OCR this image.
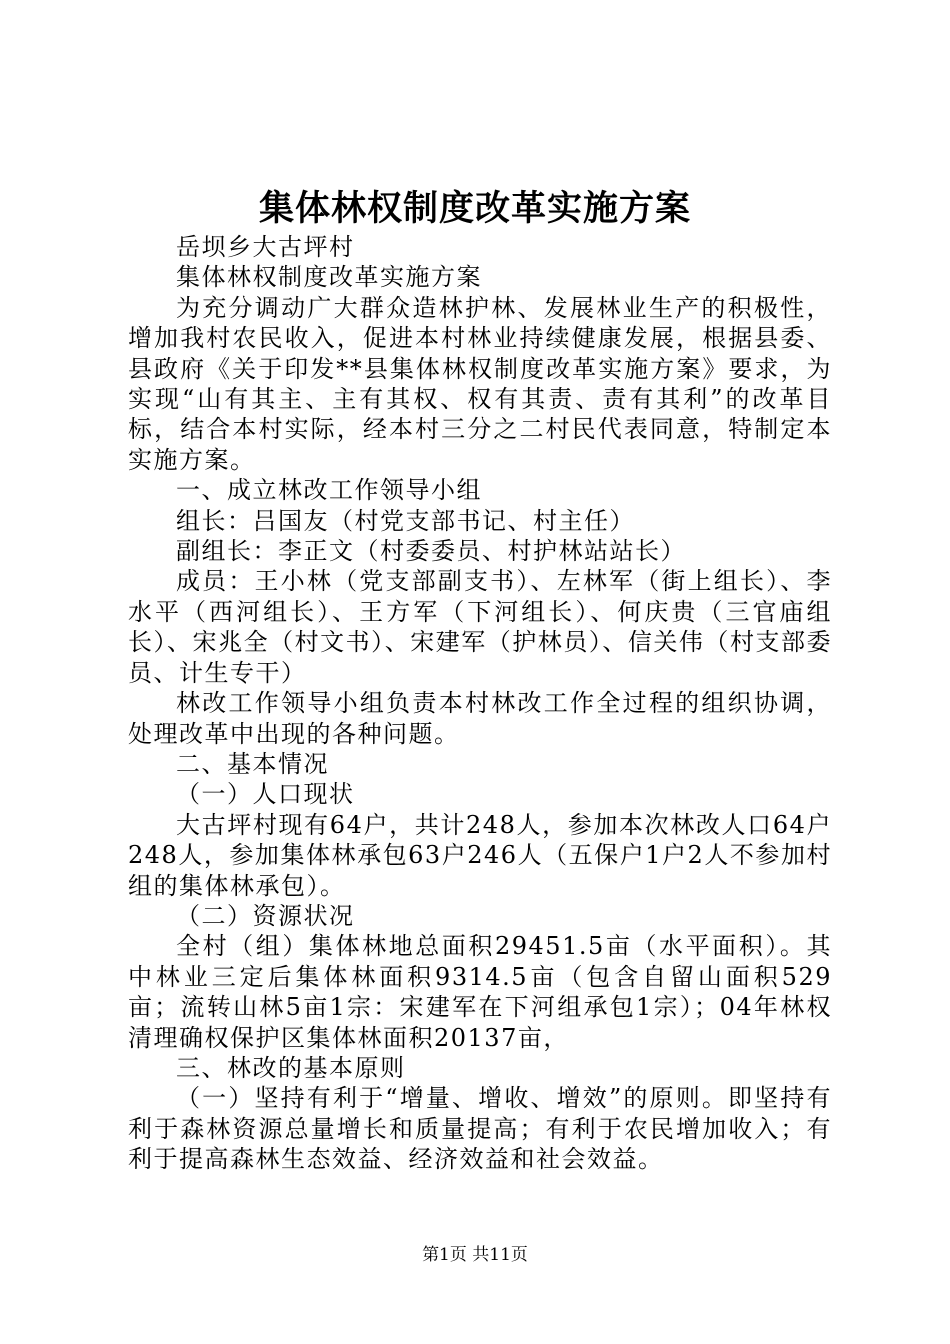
集体林权制度改革实施方案

岳坝乡大古坪村

集体林权制度改革实施方案

为充分调动广大群众造林护林、发展林业生产的积极性，增加我村农民收入，促进本村林业持续健康发展，根据县委、县政府《关于印发**县集体林权制度改革实施方案》要求，为实现“山有其主、主有其权、权有其责、责有其利”的改革目标，结合本村实际，经本村三分之二村民代表同意，特制定本实施方案。

一、成立林改工作领导小组

组长：吕国友（村党支部书记、村主任）

副组长：李正文（村委委员、村护林站站长）

成员：王小林（党支部副支书）、左林军（街上组长）、李水平（西河组长）、王方军（下河组长）、何庆贵（三官庙组长）、宋兆全（村文书）、宋建军（护林员）、信关伟（村支部委员、计生专干）

林改工作领导小组负责本村林改工作全过程的组织协调，处理改革中出现的各种问题。

二、基本情况

（一）人口现状

大古坪村现有64户，共计248人，参加本次林改人口64户248人，参加集体林承包63户246人（五保户1户2人不参加村组的集体林承包）。

（二）资源状况

全村（组）集体林地总面积29451.5亩（水平面积）。其中林业三定后集体林面积9314.5亩（包含自留山面积529亩；流转山林5亩1宗：宋建军在下河组承包1宗）；04年林权清理确权保护区集体林面积20137亩，

三、林改的基本原则

（一）坚持有利于“增量、增收、增效”的原则。即坚持有利于森林资源总量增长和质量提高；有利于农民增加收入；有利于提高森林生态效益、经济效益和社会效益。

第1页 共11页
